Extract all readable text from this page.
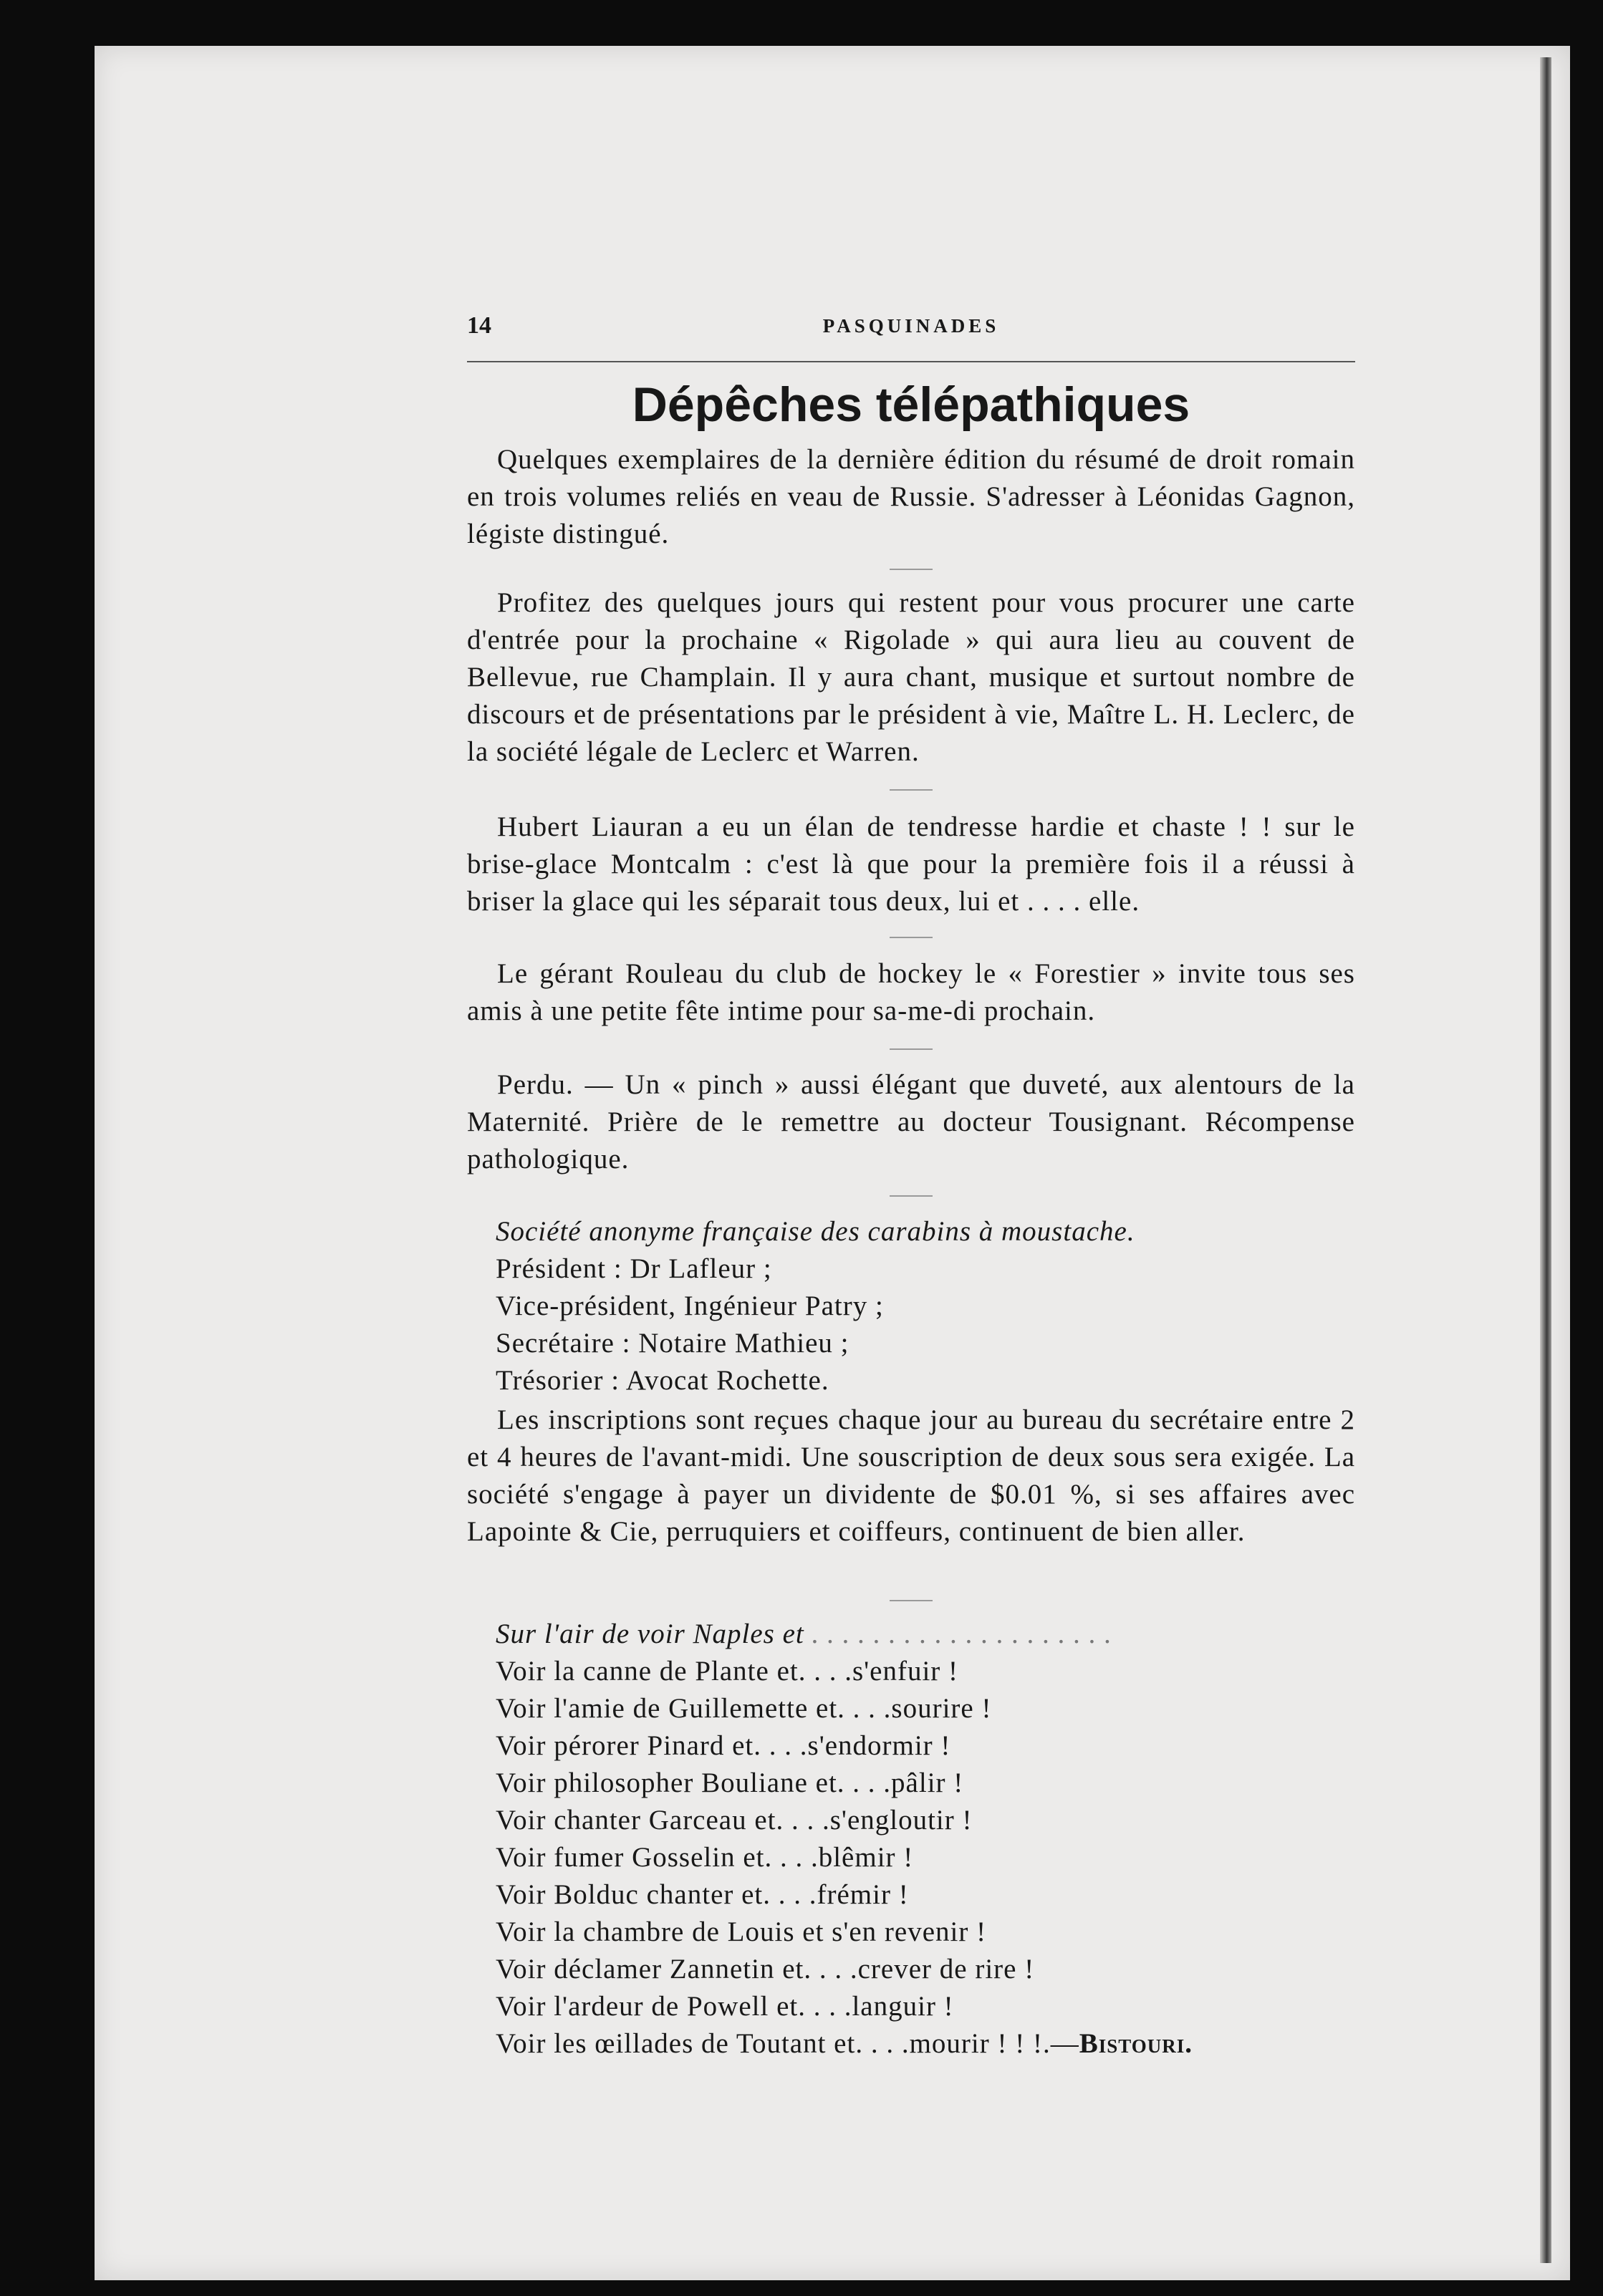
14	PASQUINADES
Dépêches télépathiques

Quelques exemplaires de la dernière édition du résumé de droit romain en trois volumes reliés en veau de Russie. S'adresser à Léonidas Gagnon, légiste distingué.

Profitez des quelques jours qui restent pour vous procurer une carte d'entrée pour la prochaine « Rigolade » qui aura lieu au couvent de Bellevue, rue Champlain. Il y aura chant, musique et surtout nombre de discours et de présentations par le président à vie, Maître L. H. Leclerc, de la société légale de Leclerc et Warren.

Hubert Liauran a eu un élan de tendresse hardie et chaste ! ! sur le brise-glace Montcalm : c'est là que pour la première fois il a réussi à briser la glace qui les séparait tous deux, lui et . . . . elle.

Le gérant Rouleau du club de hockey le « Forestier » invite tous ses amis à une petite fête intime pour sa-me-di prochain.

Perdu. — Un « pinch » aussi élégant que duveté, aux alentours de la Maternité. Prière de le remettre au docteur Tousignant. Récompense pathologique.

Société anonyme française des carabins à moustache.
Président : Dr Lafleur ;
Vice-président, Ingénieur Patry ;
Secrétaire : Notaire Mathieu ;
Trésorier : Avocat Rochette.

Les inscriptions sont reçues chaque jour au bureau du secrétaire entre 2 et 4 heures de l'avant-midi. Une souscription de deux sous sera exigée. La société s'engage à payer un dividente de $0.01 %, si ses affaires avec Lapointe & Cie, perruquiers et coiffeurs, continuent de bien aller.

Sur l'air de voir Naples et . . . . . . . . . . . . . . . . . . . .
Voir la canne de Plante et. . . .s'enfuir !
Voir l'amie de Guillemette et. . . .sourire !
Voir pérorer Pinard et. . . .s'endormir !
Voir philosopher Bouliane et. . . .pâlir !
Voir chanter Garceau et. . . .s'engloutir !
Voir fumer Gosselin et. . . .blêmir !
Voir Bolduc chanter et. . . .frémir !
Voir la chambre de Louis et s'en revenir !
Voir déclamer Zannetin et. . . .crever de rire !
Voir l'ardeur de Powell et. . . .languir !
Voir les œillades de Toutant et. . . .mourir ! ! !.—Bistouri.
